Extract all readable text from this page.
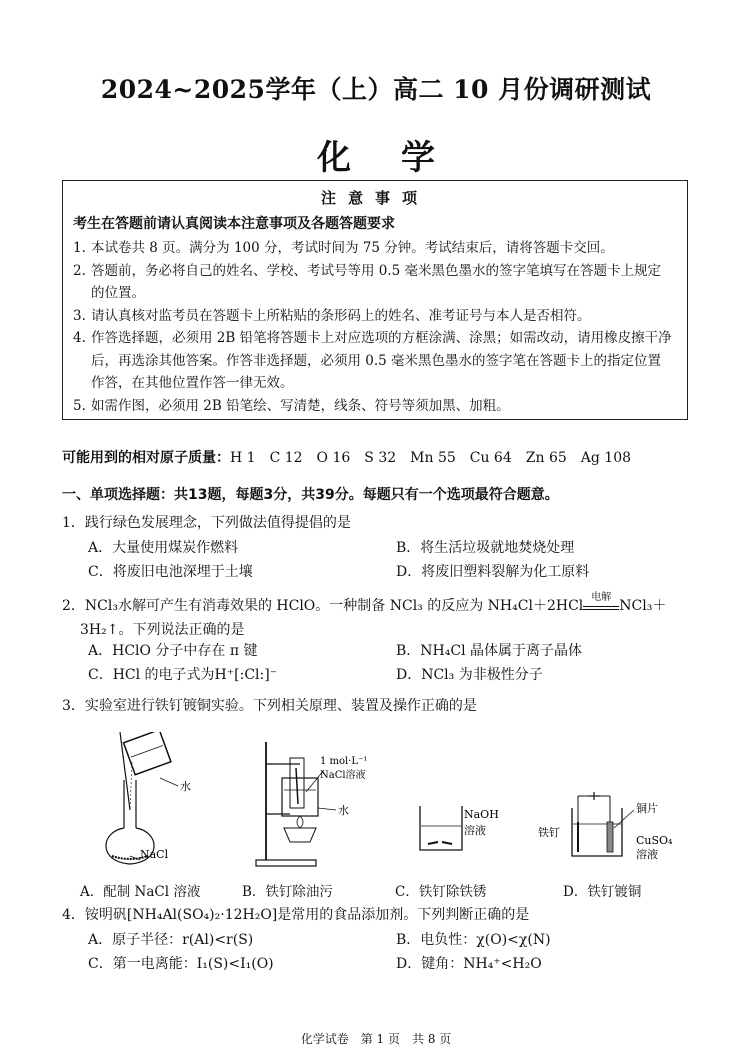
2024~2025学年（上）高二 10 月份调研测试
化学
注意事项
考生在答题前请认真阅读本注意事项及各题答题要求
1. 本试卷共 8 页。满分为 100 分，考试时间为 75 分钟。考试结束后，请将答题卡交回。
2. 答题前，务必将自己的姓名、学校、考试号等用 0.5 毫米黑色墨水的签字笔填写在答题卡上规定的位置。
3. 请认真核对监考员在答题卡上所粘贴的条形码上的姓名、准考证号与本人是否相符。
4. 作答选择题，必须用 2B 铅笔将答题卡上对应选项的方框涂满、涂黑；如需改动，请用橡皮擦干净后，再选涂其他答案。作答非选择题，必须用 0.5 毫米黑色墨水的签字笔在答题卡上的指定位置作答，在其他位置作答一律无效。
5. 如需作图，必须用 2B 铅笔绘、写清楚，线条、符号等须加黑、加粗。
可能用到的相对原子质量：H 1　C 12　O 16　S 32　Mn 55　Cu 64　Zn 65　Ag 108
一、单项选择题：共13题，每题3分，共39分。每题只有一个选项最符合题意。
1．践行绿色发展理念，下列做法值得提倡的是
A．大量使用煤炭作燃料	B．将生活垃圾就地焚烧处理
C．将废旧电池深埋于土壤	D．将废旧塑料裂解为化工原料
2．NCl₃水解可产生有消毒效果的 HClO。一种制备 NCl₃ 的反应为 NH₄Cl＋2HCl
电解
NCl₃＋
3H₂↑。下列说法正确的是
A．HClO 分子中存在 π 键	B．NH₄Cl 晶体属于离子晶体
C．HCl 的电子式为H⁺[:Cl:]⁻	D．NCl₃ 为非极性分子
3．实验室进行铁钉镀铜实验。下列相关原理、装置及操作正确的是
水
NaCl
1 mol·L⁻¹
NaCl溶液
水	NaOH
溶液
铜片
铁钉
CuSO₄
溶液
A．配制 NaCl 溶液	B．铁钉除油污	C．铁钉除铁锈	D．铁钉镀铜
4．铵明矾[NH₄Al(SO₄)₂·12H₂O]是常用的食品添加剂。下列判断正确的是
A．原子半径：r(Al)<r(S)	B．电负性：χ(O)<χ(N)
C．第一电离能：I₁(S)<I₁(O)	D．键角：NH₄⁺<H₂O
化学试卷　第 1 页　共 8 页
